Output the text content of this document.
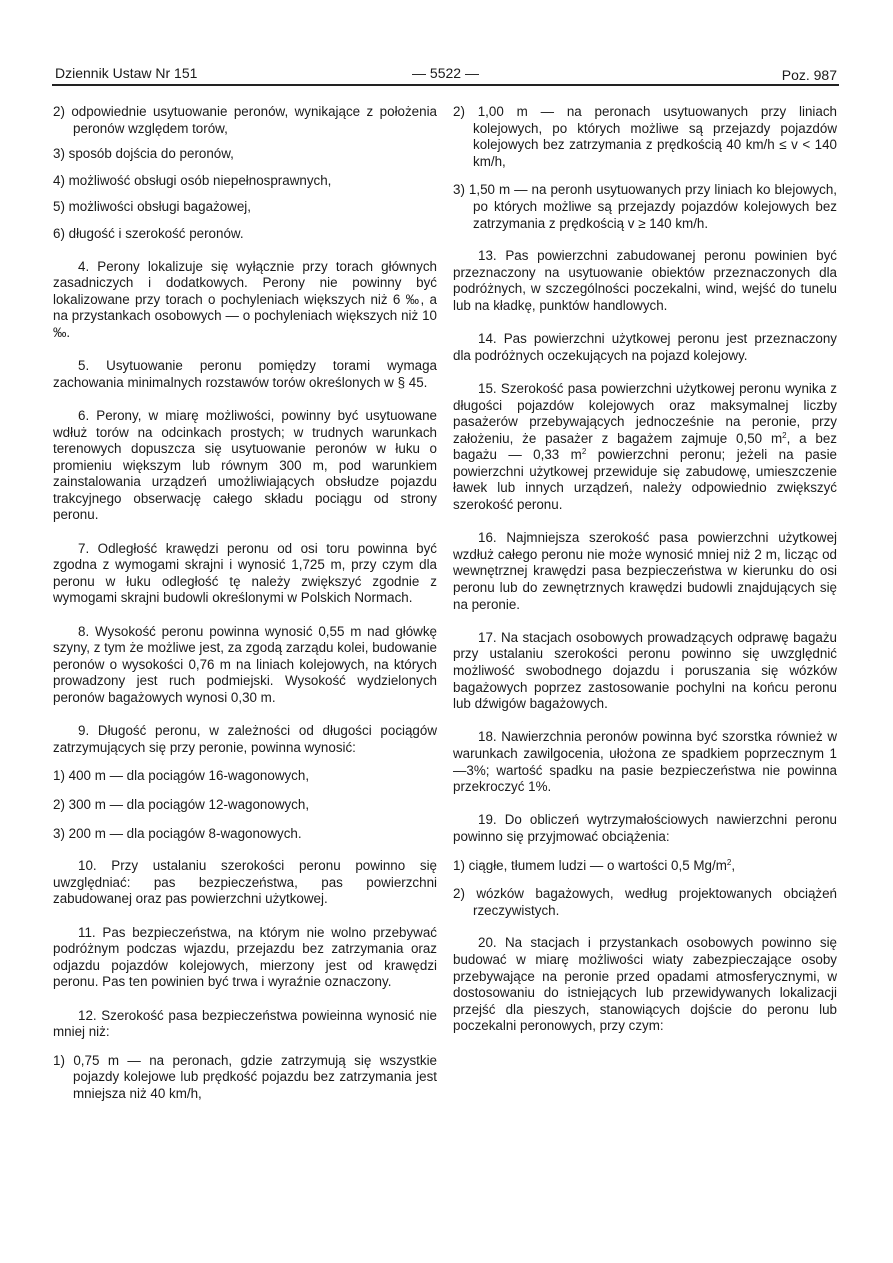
Dziennik Ustaw Nr 151	— 5522 —	Poz. 987

2) odpowiednie usytuowanie peronów, wynikające z położenia peronów względem torów,

3) sposób dojścia do peronów,

4) możliwość obsługi osób niepełnosprawnych,

5) możliwości obsługi bagażowej,

6) długość i szerokość peronów.

4. Perony lokalizuje się wyłącznie przy torach głównych zasadniczych i dodatkowych. Perony nie powinny być lokalizowane przy torach o pochyleniach większych niż 6 ‰, a na przystankach osobowych — o pochyleniach większych niż 10 ‰.

5. Usytuowanie peronu pomiędzy torami wymaga zachowania minimalnych rozstawów torów określonych w § 45.

6. Perony, w miarę możliwości, powinny być usytuowane wdłuż torów na odcinkach prostych; w trudnych warunkach terenowych dopuszcza się usytuowanie peronów w łuku o promieniu większym lub równym 300 m, pod warunkiem zainstalowania urządzeń umożliwiających obsłudze pojazdu trakcyjnego obserwację całego składu pociągu od strony peronu.

7. Odległość krawędzi peronu od osi toru powinna być zgodna z wymogami skrajni i wynosić 1,725 m, przy czym dla peronu w łuku odległość tę należy zwiększyć zgodnie z wymogami skrajni budowli określonymi w Polskich Normach.

8. Wysokość peronu powinna wynosić 0,55 m nad główkę szyny, z tym że możliwe jest, za zgodą zarządu kolei, budowanie peronów o wysokości 0,76 m na liniach kolejowych, na których prowadzony jest ruch podmiejski. Wysokość wydzielonych peronów bagażowych wynosi 0,30 m.

9. Długość peronu, w zależności od długości pociągów zatrzymujących się przy peronie, powinna wynosić:

1) 400 m — dla pociągów 16-wagonowych,

2) 300 m — dla pociągów 12-wagonowych,

3) 200 m — dla pociągów 8-wagonowych.

10. Przy ustalaniu szerokości peronu powinno się uwzględniać: pas bezpieczeństwa, pas powierzchni zabudowanej oraz pas powierzchni użytkowej.

11. Pas bezpieczeństwa, na którym nie wolno przebywać podróżnym podczas wjazdu, przejazdu bez zatrzymania oraz odjazdu pojazdów kolejowych, mierzony jest od krawędzi peronu. Pas ten powinien być trwa i wyraźnie oznaczony.

12. Szerokość pasa bezpieczeństwa powieinna wynosić nie mniej niż:

1) 0,75 m — na peronach, gdzie zatrzymują się wszystkie pojazdy kolejowe lub prędkość pojazdu bez zatrzymania jest mniejsza niż 40 km/h,

2) 1,00 m — na peronach usytuowanych przy liniach kolejowych, po których możliwe są przejazdy pojazdów kolejowych bez zatrzymania z prędkością 40 km/h ≤ v < 140 km/h,

3) 1,50 m — na peronh usytuowanych przy liniach ko blejowych, po których możliwe są przejazdy pojazdów kolejowych bez zatrzymania z prędkością v ≥ 140 km/h.

13. Pas powierzchni zabudowanej peronu powinien być przeznaczony na usytuowanie obiektów przeznaczonych dla podróżnych, w szczególności poczekalni, wind, wejść do tunelu lub na kładkę, punktów handlowych.

14. Pas powierzchni użytkowej peronu jest przeznaczony dla podróżnych oczekujących na pojazd kolejowy.

15. Szerokość pasa powierzchni użytkowej peronu wynika z długości pojazdów kolejowych oraz maksymalnej liczby pasażerów przebywających jednocześnie na peronie, przy założeniu, że pasażer z bagażem zajmuje 0,50 $m^2$, a bez bagażu — 0,33 $m^2$ powierzchni peronu; jeżeli na pasie powierzchni użytkowej przewiduje się zabudowę, umieszczenie ławek lub innych urządzeń, należy odpowiednio zwiększyć szerokość peronu.

16. Najmniejsza szerokość pasa powierzchni użytkowej wzdłuż całego peronu nie może wynosić mniej niż 2 m, licząc od wewnętrznej krawędzi pasa bezpieczeństwa w kierunku do osi peronu lub do zewnętrznych krawędzi budowli znajdujących się na peronie.

17. Na stacjach osobowych prowadzących odprawę bagażu przy ustalaniu szerokości peronu powinno się uwzględnić możliwość swobodnego dojazdu i poruszania się wózków bagażowych poprzez zastosowanie pochylni na końcu peronu lub dźwigów bagażowych.

18. Nawierzchnia peronów powinna być szorstka również w warunkach zawilgocenia, ułożona ze spadkiem poprzecznym 1—3%; wartość spadku na pasie bezpieczeństwa nie powinna przekroczyć 1%.

19. Do obliczeń wytrzymałościowych nawierzchni peronu powinno się przyjmować obciążenia:

1) ciągłe, tłumem ludzi — o wartości 0,5 $Mg/m^2$,

2) wózków bagażowych, według projektowanych obciążeń rzeczywistych.

20. Na stacjach i przystankach osobowych powinno się budować w miarę możliwości wiaty zabezpieczające osoby przebywające na peronie przed opadami atmosferycznymi, w dostosowaniu do istniejących lub przewidywanych lokalizacji przejść dla pieszych, stanowiących dojście do peronu lub poczekalni peronowych, przy czym:
